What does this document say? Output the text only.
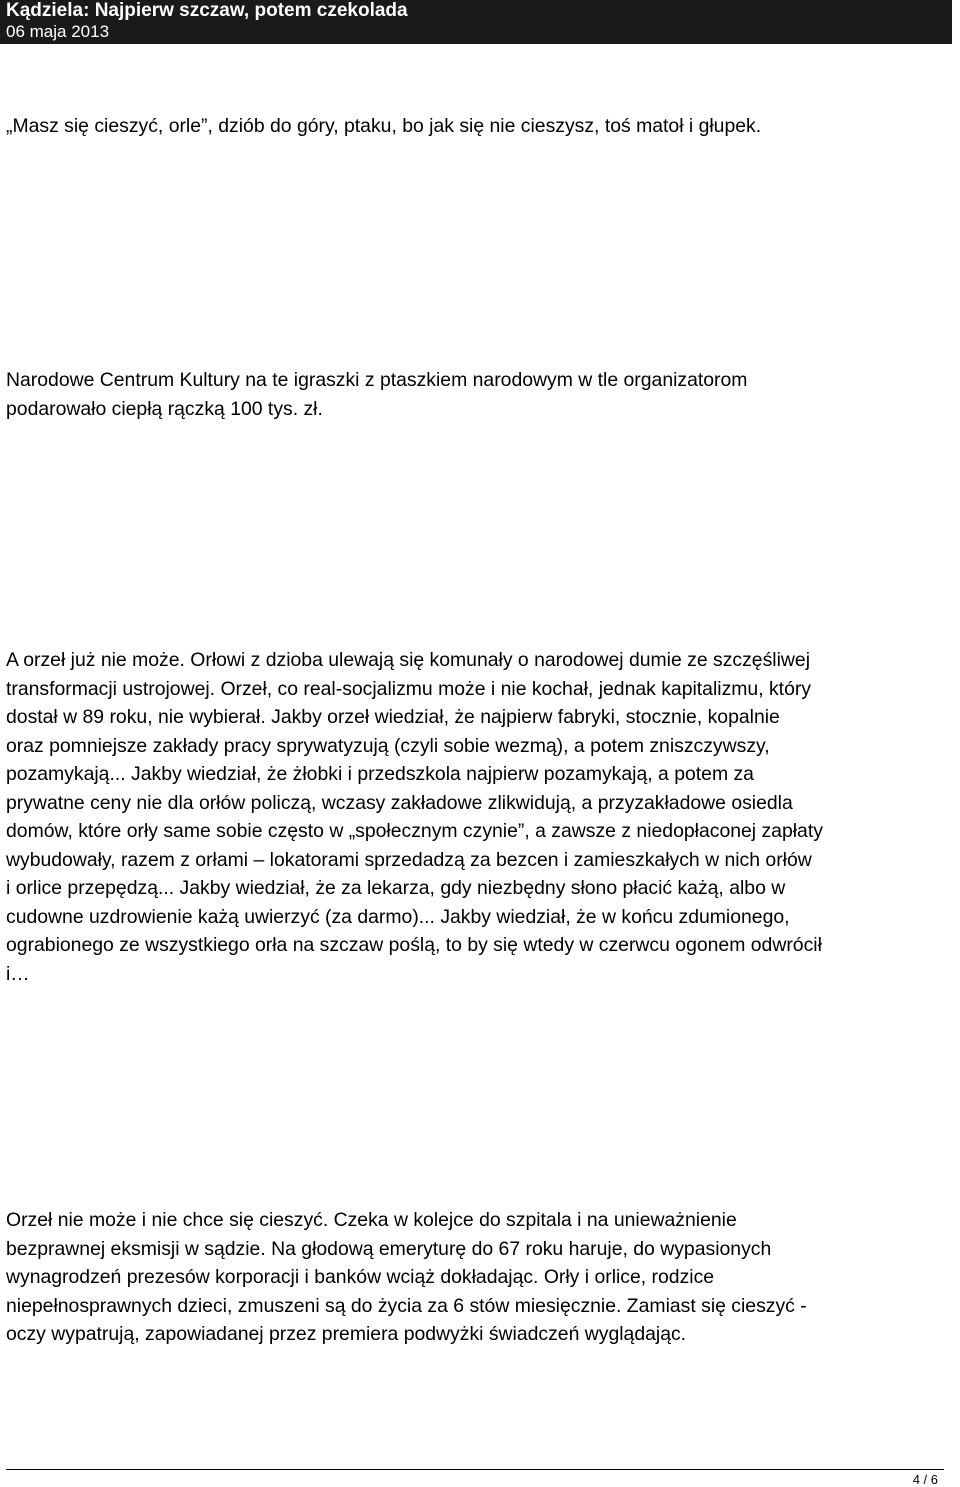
Kądziela: Najpierw szczaw, potem czekolada
06 maja 2013
„Masz się cieszyć, orle”, dziób do góry, ptaku, bo jak się nie cieszysz, toś matoł i głupek.
Narodowe Centrum Kultury na te igraszki z ptaszkiem narodowym w tle organizatorom
podarowało ciepłą rączką 100 tys. zł.
A orzeł już nie może. Orłowi z dzioba ulewają się komunały o narodowej dumie ze szczęśliwej
transformacji ustrojowej. Orzeł, co real-socjalizmu może i nie kochał, jednak kapitalizmu, który
dostał w 89 roku, nie wybierał. Jakby orzeł wiedział, że najpierw fabryki, stocznie, kopalnie
oraz pomniejsze zakłady pracy sprywatyzują (czyli sobie wezmą), a potem zniszczywszy,
pozamykają... Jakby wiedział, że żłobki i przedszkola najpierw pozamykają, a potem za
prywatne ceny nie dla orłów policzą, wczasy zakładowe zlikwidują, a przyzakładowe osiedla
domów, które orły same sobie często w „społecznym czynie”, a zawsze z niedopłaconej zapłaty
wybudowały, razem z orłami – lokatorami sprzedadzą za bezcen i zamieszkałych w nich orłów
i orlice przepędzą... Jakby wiedział, że za lekarza, gdy niezbędny słono płacić każą, albo w
cudowne uzdrowienie każą uwierzyć (za darmo)... Jakby wiedział, że w końcu zdumionego,
ograbionego ze wszystkiego orła na szczaw poślą, to by się wtedy w czerwcu ogonem odwrócił
i…
Orzeł nie może i nie chce się cieszyć. Czeka w kolejce do szpitala i na unieważnienie
bezprawnej eksmisji w sądzie. Na głodową emeryturę do 67 roku haruje, do wypasionych
wynagrodzeń prezesów korporacji i banków wciąż dokładając. Orły i orlice, rodzice
niepełnosprawnych dzieci, zmuszeni są do życia za 6 stów miesięcznie. Zamiast się cieszyć -
oczy wypatrują, zapowiadanej przez premiera podwyżki świadczeń wyglądając.
4 / 6
